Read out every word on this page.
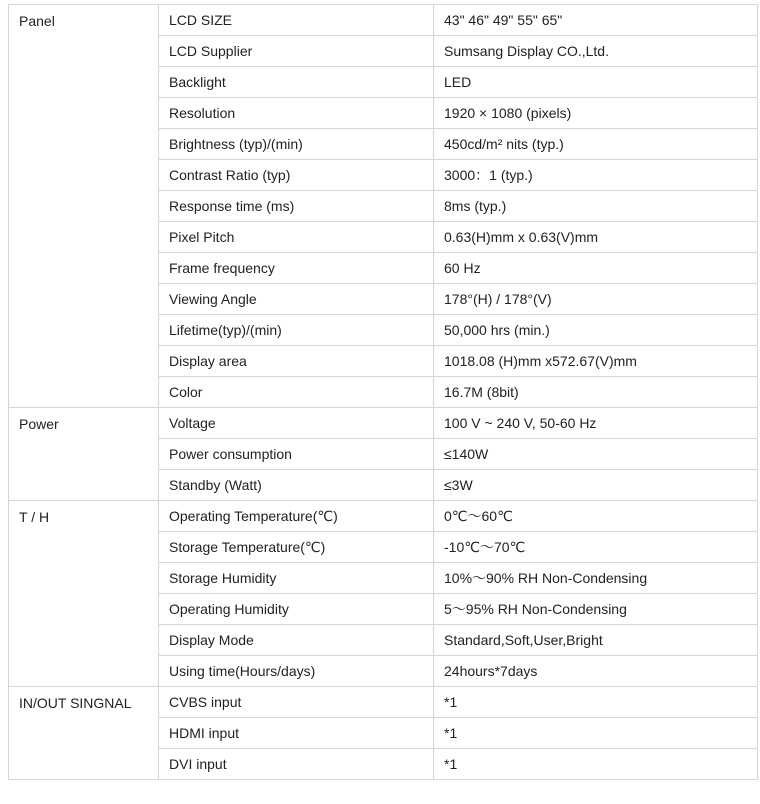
Panel	LCD SIZE	43" 46" 49" 55" 65"
	LCD Supplier	Sumsang Display CO.,Ltd.
	Backlight	LED
	Resolution	1920 × 1080 (pixels)
	Brightness (typ)/(min)	450cd/m² nits (typ.)
	Contrast Ratio (typ)	3000：1 (typ.)
	Response time (ms)	8ms (typ.)
	Pixel Pitch	0.63(H)mm x 0.63(V)mm
	Frame frequency	60 Hz
	Viewing Angle	178°(H) / 178°(V)
	Lifetime(typ)/(min)	50,000 hrs (min.)
	Display area	1018.08 (H)mm x572.67(V)mm
	Color	16.7M (8bit)
Power	Voltage	100 V ~ 240 V, 50-60 Hz
	Power consumption	≤140W
	Standby (Watt)	≤3W
T / H	Operating Temperature(℃)	0℃～60℃
	Storage Temperature(℃)	-10℃～70℃
	Storage Humidity	10%～90% RH Non-Condensing
	Operating Humidity	5～95% RH Non-Condensing
	Display Mode	Standard,Soft,User,Bright
	Using time(Hours/days)	24hours*7days
IN/OUT SINGNAL	CVBS input	*1
	HDMI input	*1
	DVI input	*1
